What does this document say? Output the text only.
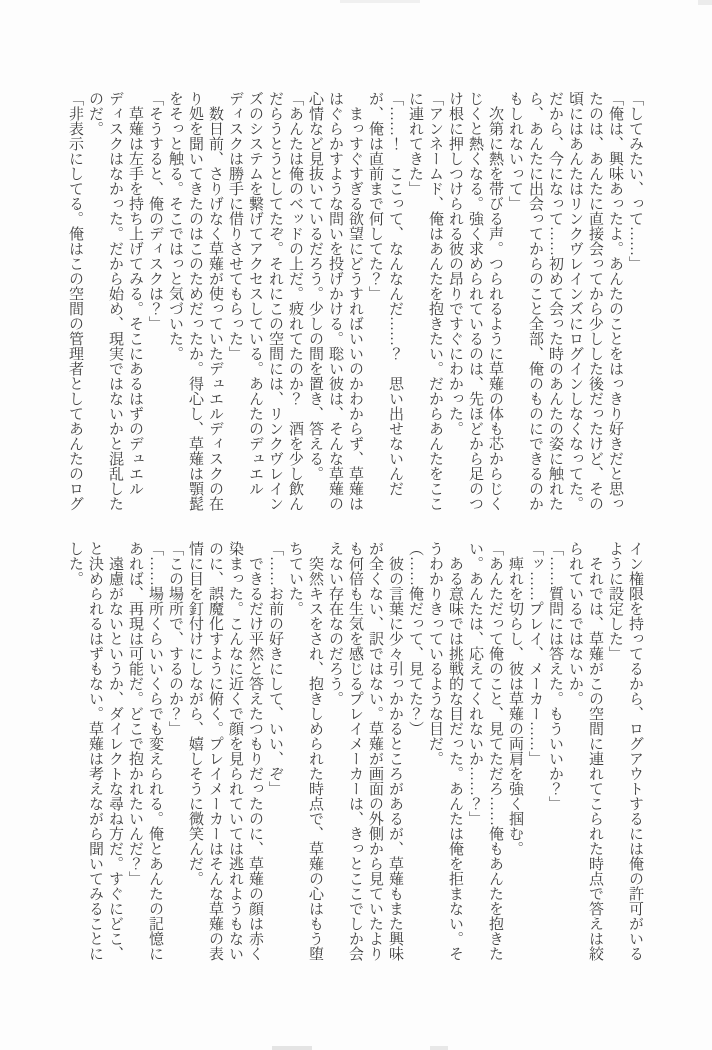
「してみたい、って……」

「俺は、興味あったよ。あんたのことをはっきり好きだと思ったのは、あんたに直接会ってから少しした後だったけど、その頃にはあんたはリンクヴレインズにログインしなくなってた。だから、今になって……初めて会った時のあんたの姿に触れたら、あんたに出会ってからのこと全部、俺のものにできるのかもしれないって」

　次第に熱を帯びる声。つられるように草薙の体も芯からじくじくと熱くなる。強く求められているのは、先ほどから足のつけ根に押しつけられる彼の昂りですぐにわかった。

「アンネームド、俺はあんたを抱きたい。だからあんたをここに連れてきた」

「……！　ここって、なんなんだ……？　思い出せないんだが、俺は直前まで何してた？」

　まっすぐすぎる欲望にどうすればいいのかわからず、草薙ははぐらかすような問いを投げかける。聡い彼は、そんな草薙の心情など見抜いているだろう。少しの間を置き、答える。

「あんたは俺のベッドの上だ。疲れてたのか？　酒を少し飲んだらうとうとしてたぞ。それにこの空間には、リンクヴレインズのシステムを繋げてアクセスしている。あんたのデュエルディスクは勝手に借りさせてもらった」

　数日前、さりげなく草薙が使っていたデュエルディスクの在り処を聞いてきたのはこのためだったか。得心し、草薙は顎髭をそっと触る。そこではっと気づいた。

「そうすると、俺のディスクは？」

　草薙は左手を持ち上げてみる。そこにあるはずのデュエルディスクはなかった。だから始め、現実ではないかと混乱したのだ。

「非表示にしてる。俺はこの空間の管理者としてあんたのログ

イン権限を持ってるから、ログアウトするには俺の許可がいるように設定した」

　それでは、草薙がこの空間に連れてこられた時点で答えは絞られているではないか。

「……質問には答えた。もういいか？」

「ッ……プレイ、メーカー……」

　痺れを切らし、彼は草薙の両肩を強く掴む。

「あんただって俺のこと、見てただろ……俺もあんたを抱きたい。あんたは、応えてくれないか……？」

　ある意味では挑戦的な目だった。あんたは俺を拒まない。そうわかりきっているような目だ。

（……俺だって、見てた？）

　彼の言葉に少々引っかかるところがあるが、草薙もまた興味が全くない、訳ではない。草薙が画面の外側から見ていたよりも何倍も生気を感じるプレイメーカーは、きっとここでしか会えない存在なのだろう。

　突然キスをされ、抱きしめられた時点で、草薙の心はもう堕ちていた。

「……お前の好きにして、いい、ぞ」

　できるだけ平然と答えたつもりだったのに、草薙の顔は赤く染まった。こんなに近くで顔を見られていては逃れようもないのに、誤魔化すように俯く。プレイメーカーはそんな草薙の表情に目を釘付けにしながら、嬉しそうに微笑んだ。

「この場所で、するのか？」

「……場所くらいいくらでも変えられる。俺とあんたの記憶にあれば、再現は可能だ。どこで抱かれたいんだ？」

　遠慮がないというか、ダイレクトな尋ね方だ。すぐにどこ、と決められるはずもない。草薙は考えながら聞いてみることにした。
